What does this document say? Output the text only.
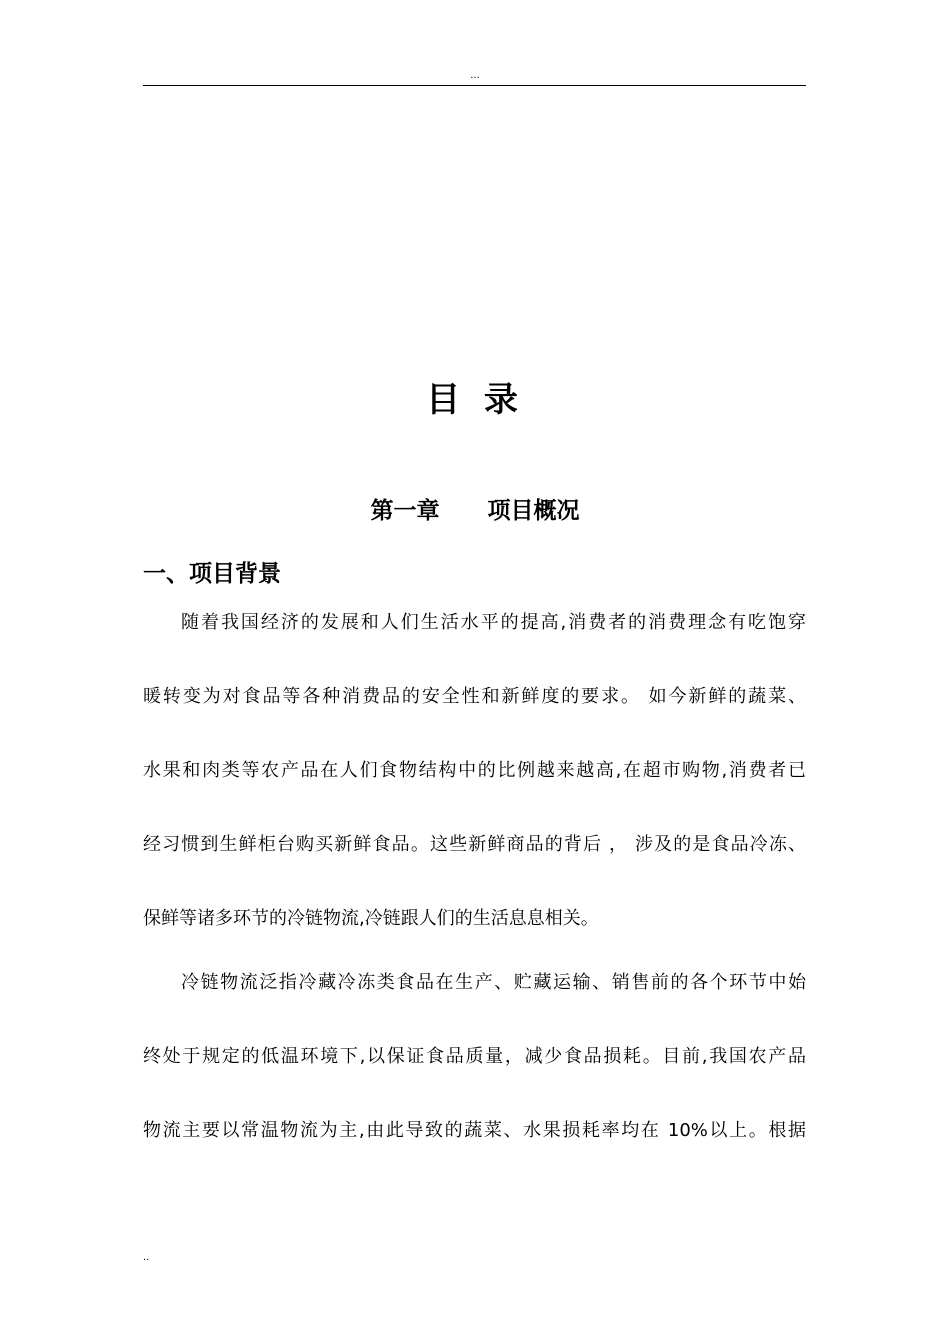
...
目 录
第一章      项目概况
一、项目背景
随着我国经济的发展和人们生活水平的提高,消费者的消费理念有吃饱穿
暖转变为对食品等各种消费品的安全性和新鲜度的要求。 如今新鲜的蔬菜、
水果和肉类等农产品在人们食物结构中的比例越来越高,在超市购物,消费者已
经习惯到生鲜柜台购买新鲜食品。这些新鲜商品的背后 ， 涉及的是食品冷冻、
保鲜等诸多环节的冷链物流,冷链跟人们的生活息息相关。
冷链物流泛指冷藏冷冻类食品在生产、贮藏运输、销售前的各个环节中始
终处于规定的低温环境下,以保证食品质量，减少食品损耗。目前,我国农产品
物流主要以常温物流为主,由此导致的蔬菜、水果损耗率均在 10%以上。根据
..
